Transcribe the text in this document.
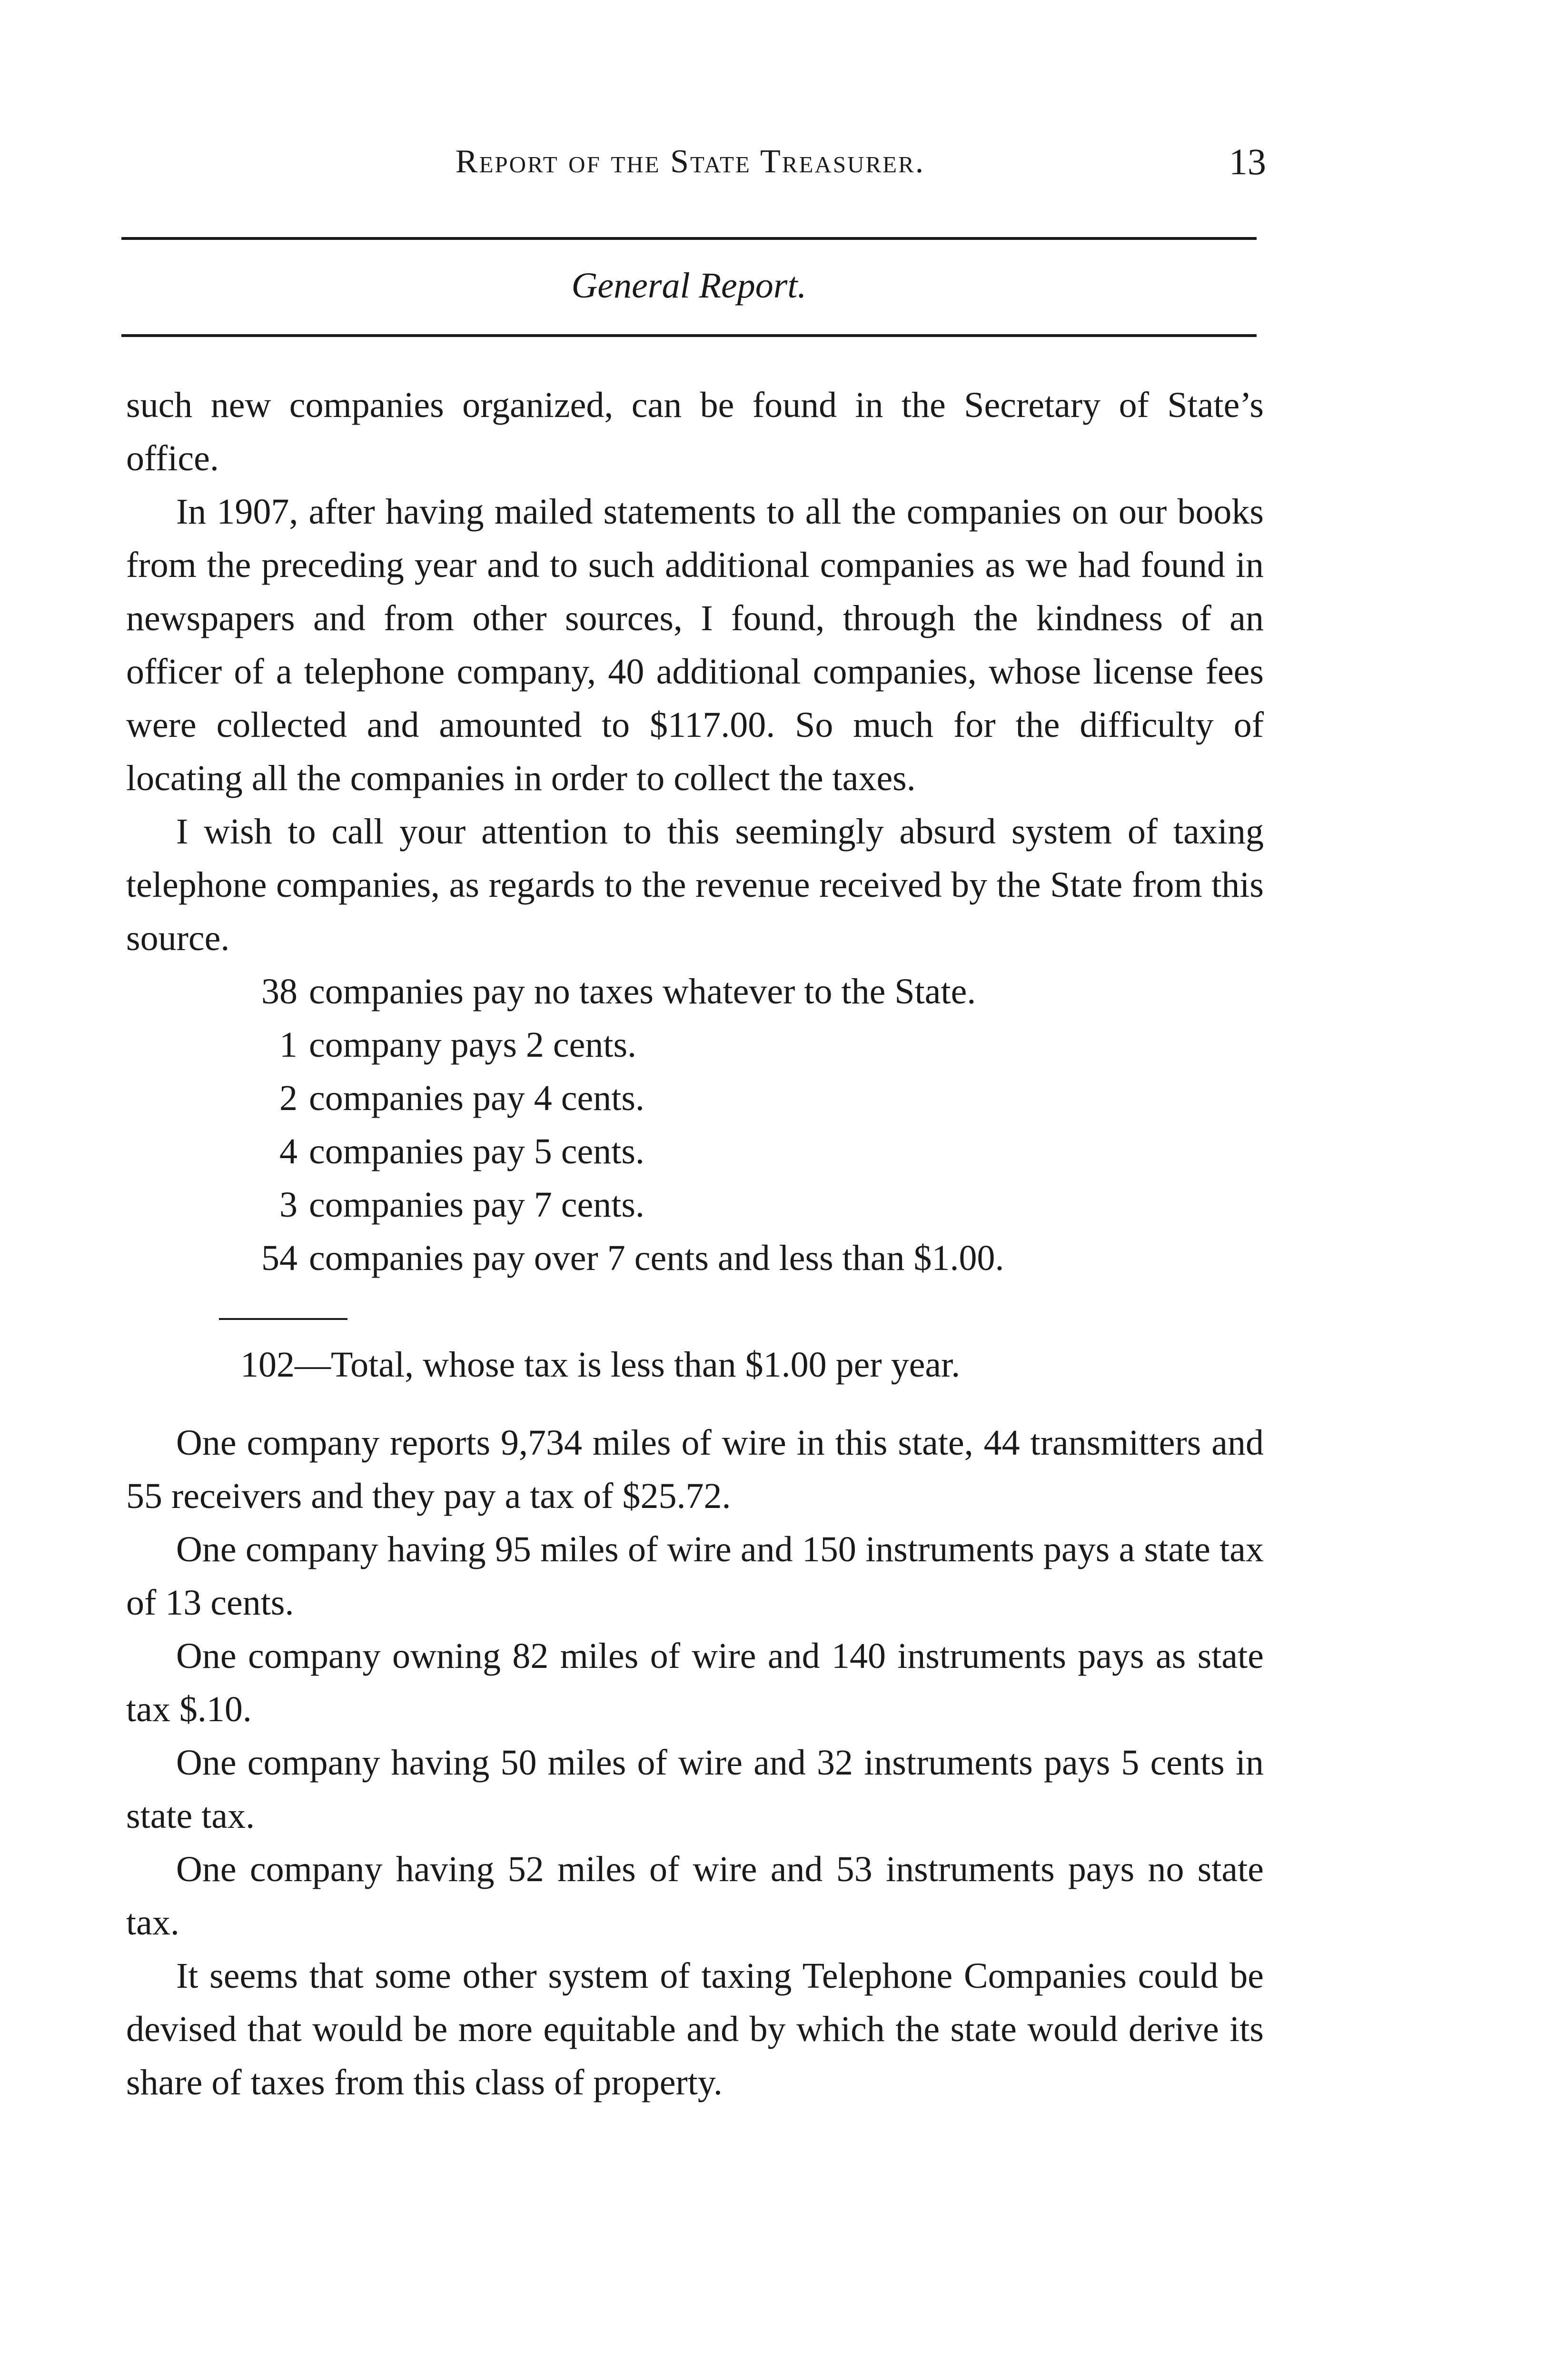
Report of the State Treasurer.	13
General Report.

such new companies organized, can be found in the Secretary of State’s office.

In 1907, after having mailed statements to all the companies on our books from the preceding year and to such additional companies as we had found in newspapers and from other sources, I found, through the kindness of an officer of a telephone company, 40 additional companies, whose license fees were collected and amounted to $117.00. So much for the difficulty of locating all the companies in order to collect the taxes.

I wish to call your attention to this seemingly absurd system of taxing telephone companies, as regards to the revenue received by the State from this source.

38 companies pay no taxes whatever to the State.
1 company pays 2 cents.
2 companies pay 4 cents.
4 companies pay 5 cents.
3 companies pay 7 cents.
54 companies pay over 7 cents and less than $1.00.
102—Total, whose tax is less than $1.00 per year.

One company reports 9,734 miles of wire in this state, 44 transmitters and 55 receivers and they pay a tax of $25.72.

One company having 95 miles of wire and 150 instruments pays a state tax of 13 cents.

One company owning 82 miles of wire and 140 instruments pays as state tax $.10.

One company having 50 miles of wire and 32 instruments pays 5 cents in state tax.

One company having 52 miles of wire and 53 instruments pays no state tax.

It seems that some other system of taxing Telephone Companies could be devised that would be more equitable and by which the state would derive its share of taxes from this class of property.
